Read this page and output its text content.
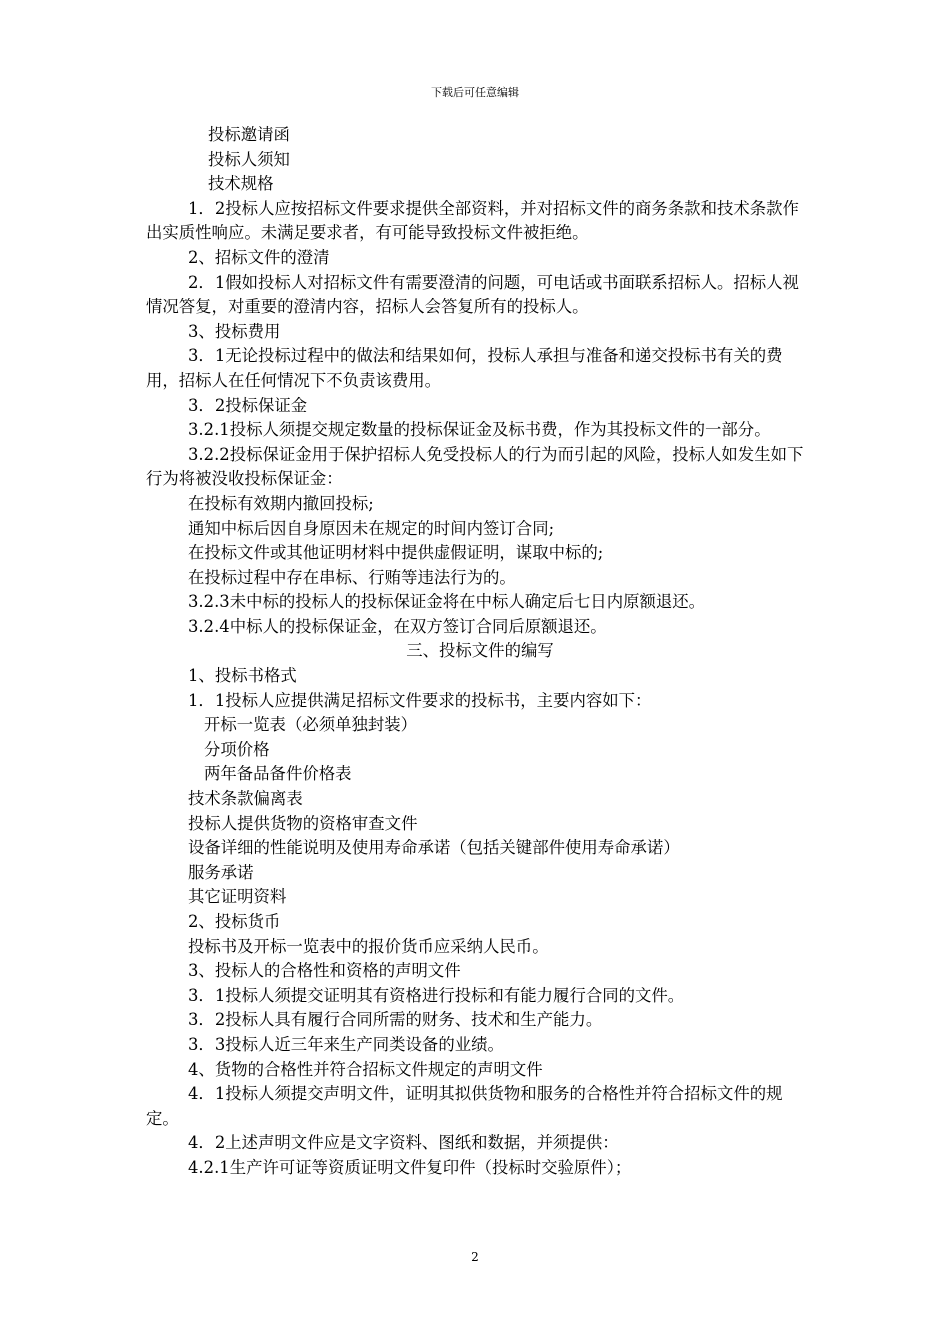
下载后可任意编辑

投标邀请函

投标人须知

技术规格

1．2投标人应按招标文件要求提供全部资料，并对招标文件的商务条款和技术条款作出实质性响应。未满足要求者，有可能导致投标文件被拒绝。

2、招标文件的澄清

2．1假如投标人对招标文件有需要澄清的问题，可电话或书面联系招标人。招标人视情况答复，对重要的澄清内容，招标人会答复所有的投标人。

3、投标费用

3．1无论投标过程中的做法和结果如何，投标人承担与准备和递交投标书有关的费用，招标人在任何情况下不负责该费用。

3．2投标保证金

3.2.1投标人须提交规定数量的投标保证金及标书费，作为其投标文件的一部分。

3.2.2投标保证金用于保护招标人免受投标人的行为而引起的风险，投标人如发生如下行为将被没收投标保证金：

在投标有效期内撤回投标;

通知中标后因自身原因未在规定的时间内签订合同;

在投标文件或其他证明材料中提供虚假证明，谋取中标的;

在投标过程中存在串标、行贿等违法行为的。

3.2.3未中标的投标人的投标保证金将在中标人确定后七日内原额退还。

3.2.4中标人的投标保证金，在双方签订合同后原额退还。

三、投标文件的编写

1、投标书格式

1．1投标人应提供满足招标文件要求的投标书，主要内容如下：

开标一览表（必须单独封装）

分项价格

两年备品备件价格表

技术条款偏离表

投标人提供货物的资格审查文件

设备详细的性能说明及使用寿命承诺（包括关键部件使用寿命承诺）

服务承诺

其它证明资料

2、投标货币

投标书及开标一览表中的报价货币应采纳人民币。

3、投标人的合格性和资格的声明文件

3．1投标人须提交证明其有资格进行投标和有能力履行合同的文件。

3．2投标人具有履行合同所需的财务、技术和生产能力。

3．3投标人近三年来生产同类设备的业绩。

4、货物的合格性并符合招标文件规定的声明文件

4．1投标人须提交声明文件，证明其拟供货物和服务的合格性并符合招标文件的规定。

4．2上述声明文件应是文字资料、图纸和数据，并须提供：

4.2.1生产许可证等资质证明文件复印件（投标时交验原件）；

2
